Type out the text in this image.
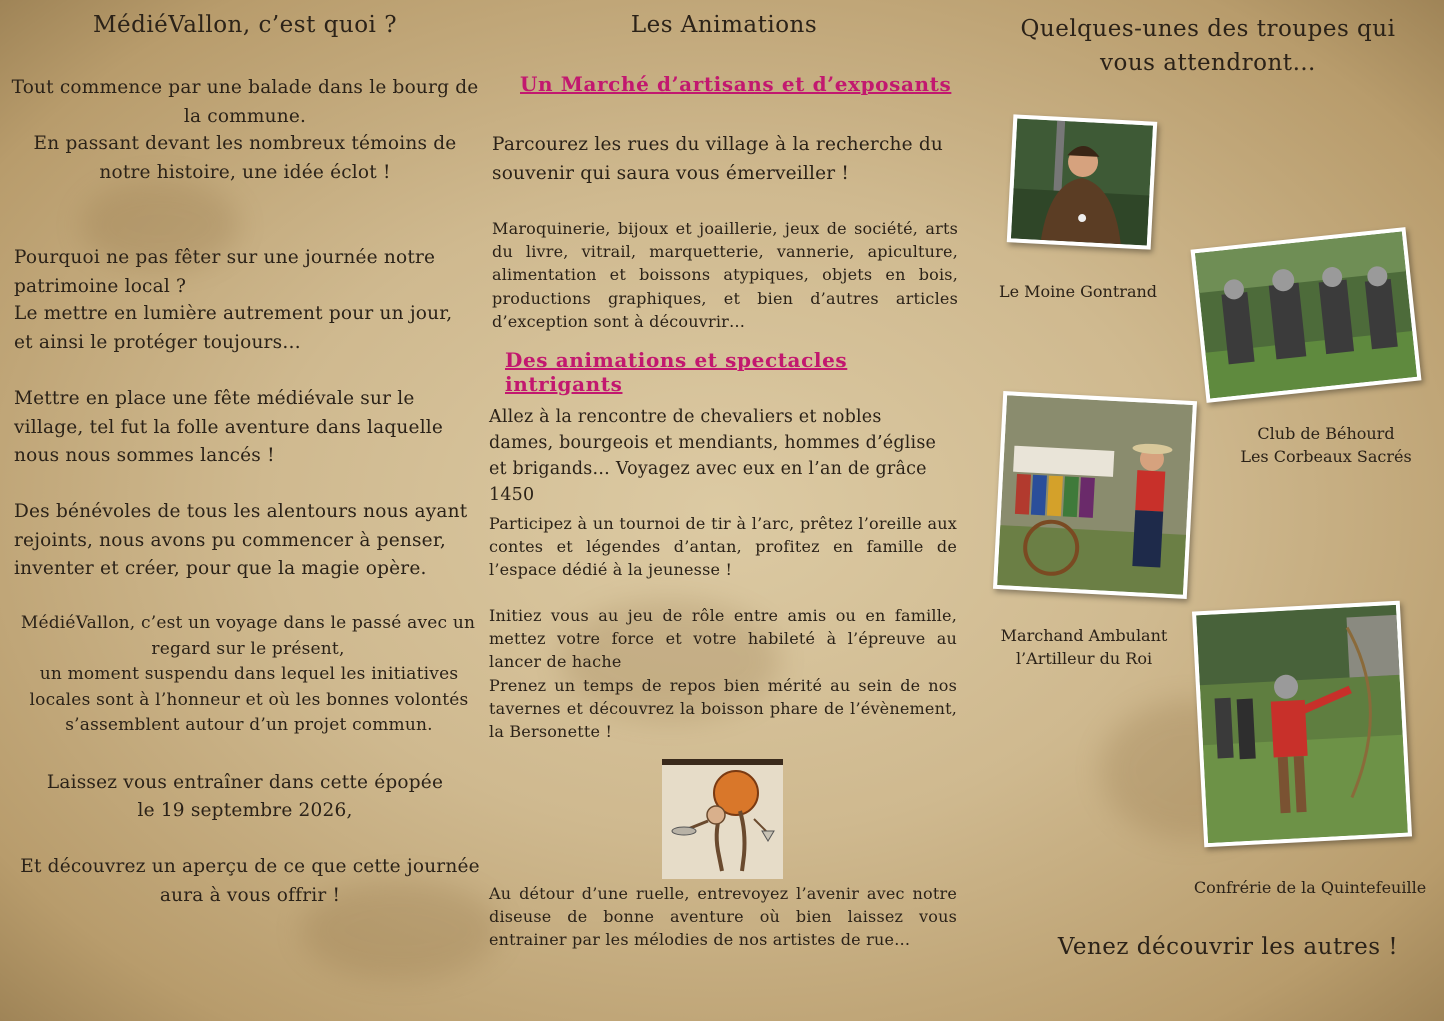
MédiéVallon, c’est quoi ?
Tout commence par une balade dans le bourg de la commune.
En passant devant les nombreux témoins de notre histoire, une idée éclot !
Pourquoi ne pas fêter sur une journée notre patrimoine local ?
Le mettre en lumière autrement pour un jour, et ainsi le protéger toujours…
Mettre en place une fête médiévale sur le village, tel fut la folle aventure dans laquelle nous nous sommes lancés !
Des bénévoles de tous les alentours nous ayant rejoints, nous avons pu commencer à penser, inventer et créer, pour que la magie opère.
MédiéVallon, c’est un voyage dans le passé avec un regard sur le présent,
un moment suspendu dans lequel les initiatives locales sont à l’honneur et où les bonnes volontés s’assemblent autour d’un projet commun.
Laissez vous entraîner dans cette épopée
le 19 septembre 2026,
Et découvrez un aperçu de ce que cette journée aura à vous offrir !
Les Animations
Un Marché d’artisans et d’exposants
Parcourez les rues du village à la recherche du souvenir qui saura vous émerveiller !
Maroquinerie, bijoux et joaillerie, jeux de société, arts du livre, vitrail, marquetterie, vannerie, apiculture, alimentation et boissons atypiques, objets en bois, productions graphiques, et bien d’autres articles d’exception sont à découvrir…
Des animations et spectacles intrigants
Allez à la rencontre de chevaliers et nobles dames, bourgeois et mendiants, hommes d’église et brigands… Voyagez avec eux en l’an de grâce 1450
Participez à un tournoi de tir à l’arc, prêtez l’oreille aux contes et légendes d’antan, profitez en famille de l’espace dédié à la jeunesse !
Initiez vous au jeu de rôle entre amis ou en famille, mettez votre force et votre habileté à l’épreuve au lancer de hache
Prenez un temps de repos bien mérité au sein de nos tavernes et découvrez la boisson phare de l’évènement, la Bersonette !
Au détour d’une ruelle, entrevoyez l’avenir avec notre diseuse de bonne aventure où bien laissez vous entrainer par les mélodies de nos artistes de rue…
Quelques-unes des troupes qui vous attendront…
Le Moine Gontrand
Club de Béhourd
Les Corbeaux Sacrés
Marchand Ambulant
l’Artilleur du Roi
Confrérie de la Quintefeuille
Venez découvrir les autres !
